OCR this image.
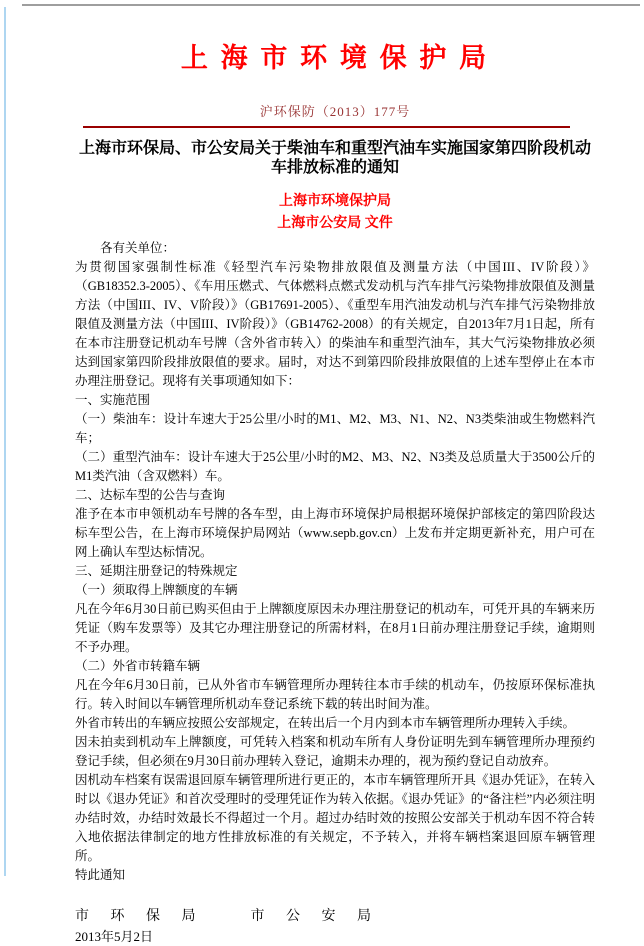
上 海 市 环 境 保 护 局
沪环保防（2013）177号
上海市环保局、市公安局关于柴油车和重型汽油车实施国家第四阶段机动车排放标准的通知
上海市环境保护局
上海市公安局 文件
各有关单位：
为贯彻国家强制性标准《轻型汽车污染物排放限值及测量方法（中国III、IV阶段）》（GB18352.3-2005）、《车用压燃式、气体燃料点燃式发动机与汽车排气污染物排放限值及测量方法（中国III、IV、V阶段）》（GB17691-2005）、《重型车用汽油发动机与汽车排气污染物排放限值及测量方法（中国III、IV阶段）》（GB14762-2008）的有关规定，自2013年7月1日起，所有在本市注册登记机动车号牌（含外省市转入）的柴油车和重型汽油车，其大气污染物排放必须达到国家第四阶段排放限值的要求。届时，对达不到第四阶段排放限值的上述车型停止在本市办理注册登记。现将有关事项通知如下：
一、实施范围
（一）柴油车：设计车速大于25公里/小时的M1、M2、M3、N1、N2、N3类柴油或生物燃料汽车；
（二）重型汽油车：设计车速大于25公里/小时的M2、M3、N2、N3类及总质量大于3500公斤的M1类汽油（含双燃料）车。
二、达标车型的公告与查询
准予在本市申领机动车号牌的各车型，由上海市环境保护局根据环境保护部核定的第四阶段达标车型公告，在上海市环境保护局网站（www.sepb.gov.cn）上发布并定期更新补充，用户可在网上确认车型达标情况。
三、延期注册登记的特殊规定
（一）须取得上牌额度的车辆
凡在今年6月30日前已购买但由于上牌额度原因未办理注册登记的机动车，可凭开具的车辆来历凭证（购车发票等）及其它办理注册登记的所需材料，在8月1日前办理注册登记手续，逾期则不予办理。
（二）外省市转籍车辆
凡在今年6月30日前，已从外省市车辆管理所办理转往本市手续的机动车，仍按原环保标准执行。转入时间以车辆管理所机动车登记系统下载的转出时间为准。
外省市转出的车辆应按照公安部规定，在转出后一个月内到本市车辆管理所办理转入手续。
因未拍卖到机动车上牌额度，可凭转入档案和机动车所有人身份证明先到车辆管理所办理预约登记手续，但必须在9月30日前办理转入登记，逾期未办理的，视为预约登记自动放弃。
因机动车档案有误需退回原车辆管理所进行更正的，本市车辆管理所开具《退办凭证》，在转入时以《退办凭证》和首次受理时的受理凭证作为转入依据。《退办凭证》的“备注栏”内必须注明办结时效，办结时效最长不得超过一个月。超过办结时效的按照公安部关于机动车因不符合转入地依据法律制定的地方性排放标准的有关规定，不予转入，并将车辆档案退回原车辆管理所。
特此通知
市 环 保 局	市 公 安 局
2013年5月2日
